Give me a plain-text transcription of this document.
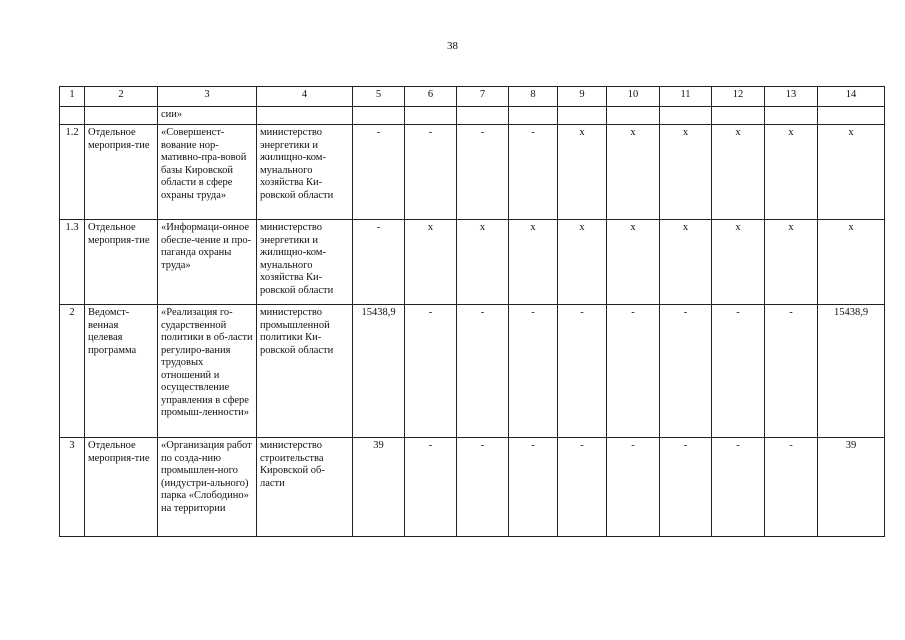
38
1	2	3	4	5	6	7	8	9	10	11	12	13	14
		сии»											
1.2	Отдельное мероприя-тие	«Совершенст-вование нор-мативно-пра-вовой базы Кировской области в сфере охраны труда»	министерство энергетики и жилищно-ком-мунального хозяйства Ки-ровской области	-	-	-	-	x	x	x	x	x	x
1.3	Отдельное мероприя-тие	«Информаци-онное обеспе-чение и про-паганда охраны труда»	министерство энергетики и жилищно-ком-мунального хозяйства Ки-ровской области	-	x	x	x	x	x	x	x	x	x
2	Ведомст-венная целевая программа	«Реализация го-сударственной политики в об-ласти регулиро-вания трудовых отношений и осуществление управления в сфере промыш-ленности»	министерство промышленной политики Ки-ровской области	15438,9	-	-	-	-	-	-	-	-	15438,9
3	Отдельное мероприя-тие	«Организация работ по созда-нию промышлен-ного (индустри-ального) парка «Слободино» на территории	министерство строительства Кировской об-ласти	39	-	-	-	-	-	-	-	-	39
